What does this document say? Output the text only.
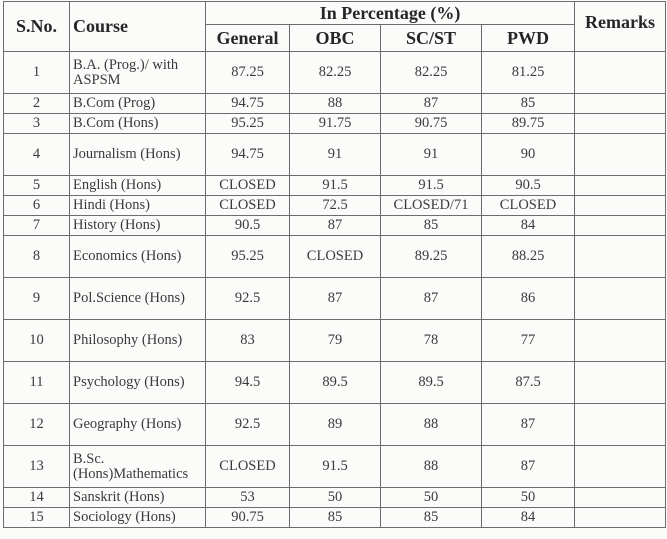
S.No.	Course	In Percentage (%)				Remarks
		General	OBC	SC/ST	PWD	
1	B.A. (Prog.)/ with ASPSM	87.25	82.25	82.25	81.25	
2	B.Com (Prog)	94.75	88	87	85	
3	B.Com (Hons)	95.25	91.75	90.75	89.75	
4	Journalism (Hons)	94.75	91	91	90	
5	English (Hons)	CLOSED	91.5	91.5	90.5	
6	Hindi (Hons)	CLOSED	72.5	CLOSED/71	CLOSED	
7	History (Hons)	90.5	87	85	84	
8	Economics (Hons)	95.25	CLOSED	89.25	88.25	
9	Pol.Science (Hons)	92.5	87	87	86	
10	Philosophy (Hons)	83	79	78	77	
11	Psychology (Hons)	94.5	89.5	89.5	87.5	
12	Geography (Hons)	92.5	89	88	87	
13	B.Sc.(Hons)Mathematics	CLOSED	91.5	88	87	
14	Sanskrit (Hons)	53	50	50	50	
15	Sociology (Hons)	90.75	85	85	84	
